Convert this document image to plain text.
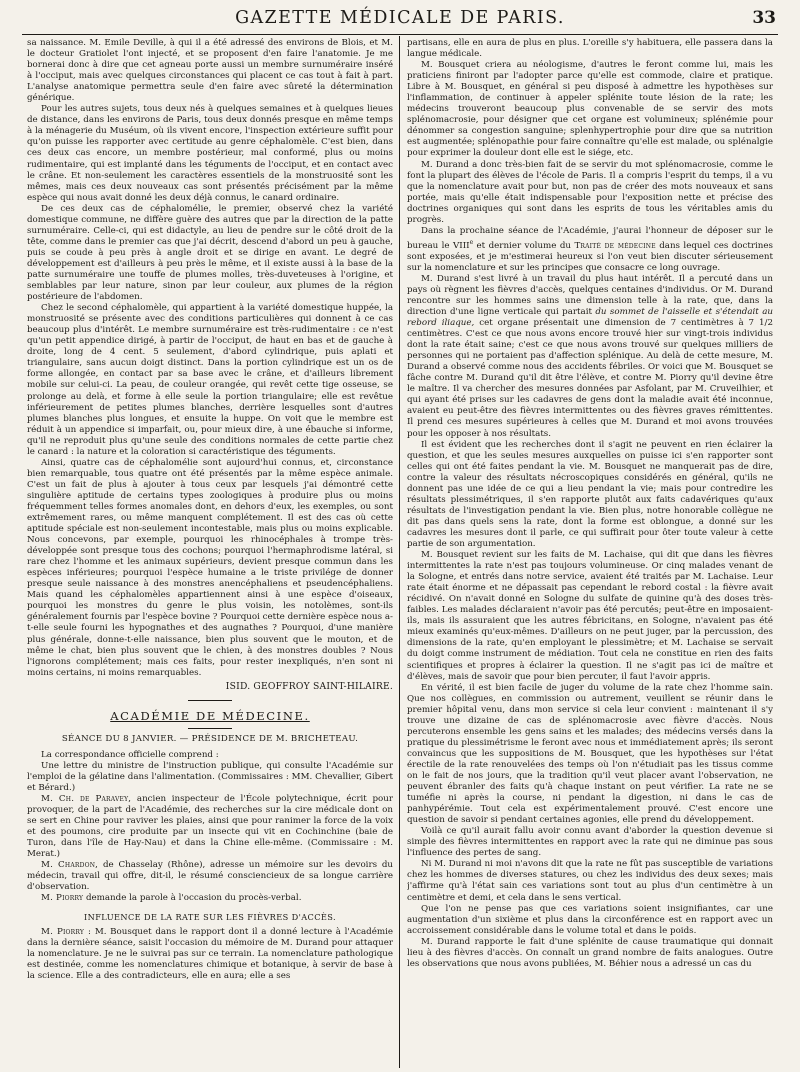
GAZETTE MÉDICALE DE PARIS.	33

sa naissance. M. Emile Deville, à qui il a été adressé des environs de Blois, et M. le docteur Gratiolet l'ont injecté, et se proposent d'en faire l'anatomie. Je me bornerai donc à dire que cet agneau porte aussi un membre surnuméraire inséré à l'occiput, mais avec quelques circonstances qui placent ce cas tout à fait à part. L'analyse anatomique permettra seule d'en faire avec sûreté la détermination générique.

Pour les autres sujets, tous deux nés à quelques semaines et à quelques lieues de distance, dans les environs de Paris, tous deux donnés presque en même temps à la ménagerie du Muséum, où ils vivent encore, l'inspection extérieure suffit pour qu'on puisse les rapporter avec certitude au genre céphalomèle. C'est bien, dans ces deux cas encore, un membre postérieur, mal conformé, plus ou moins rudimentaire, qui est implanté dans les téguments de l'occiput, et en contact avec le crâne. Et non-seulement les caractères essentiels de la monstruosité sont les mêmes, mais ces deux nouveaux cas sont présentés précisément par la même espèce qui nous avait donné les deux déjà connus, le canard ordinaire.

De ces deux cas de céphalomélie, le premier, observé chez la variété domestique commune, ne diffère guère des autres que par la direction de la patte surnuméraire. Celle-ci, qui est didactyle, au lieu de pendre sur le côté droit de la tête, comme dans le premier cas que j'ai décrit, descend d'abord un peu à gauche, puis se coude à peu près à angle droit et se dirige en avant. Le degré de développement est d'ailleurs à peu près le même, et il existe aussi à la base de la patte surnuméraire une touffe de plumes molles, très-duveteuses à l'origine, et semblables par leur nature, sinon par leur couleur, aux plumes de la région postérieure de l'abdomen.

Chez le second céphalomèle, qui appartient à la variété domestique huppée, la monstruosité se présente avec des conditions particulières qui donnent à ce cas beaucoup plus d'intérêt. Le membre surnuméraire est très-rudimentaire : ce n'est qu'un petit appendice dirigé, à partir de l'occiput, de haut en bas et de gauche à droite, long de 4 cent. 5 seulement, d'abord cylindrique, puis aplati et triangulaire, sans aucun doigt distinct. Dans la portion cylindrique est un os de forme allongée, en contact par sa base avec le crâne, et d'ailleurs librement mobile sur celui-ci. La peau, de couleur orangée, qui revêt cette tige osseuse, se prolonge au delà, et forme à elle seule la portion triangulaire; elle est revêtue inférieurement de petites plumes blanches, derrière lesquelles sont d'autres plumes blanches plus longues, et ensuite la huppe. On voit que le membre est réduit à un appendice si imparfait, ou, pour mieux dire, à une ébauche si informe, qu'il ne reproduit plus qu'une seule des conditions normales de cette partie chez le canard : la nature et la coloration si caractéristique des téguments.

Ainsi, quatre cas de céphalomélie sont aujourd'hui connus, et, circonstance bien remarquable, tous quatre ont été présentés par la même espèce animale. C'est un fait de plus à ajouter à tous ceux par lesquels j'ai démontré cette singulière aptitude de certains types zoologiques à produire plus ou moins fréquemment telles formes anomales dont, en dehors d'eux, les exemples, ou sont extrêmement rares, ou même manquent complétement. Il est des cas où cette aptitude spéciale est non-seulement incontestable, mais plus ou moins explicable. Nous concevons, par exemple, pourquoi les rhinocéphales à trompe très-développée sont presque tous des cochons; pourquoi l'hermaphrodisme latéral, si rare chez l'homme et les animaux supérieurs, devient presque commun dans les espèces inférieures; pourquoi l'espèce humaine a le triste privilége de donner presque seule naissance à des monstres anencéphaliens et pseudencéphaliens. Mais quand les céphalomèles appartiennent ainsi à une espèce d'oiseaux, pourquoi les monstres du genre le plus voisin, les notolèmes, sont-ils généralement fournis par l'espèce bovine ? Pourquoi cette dernière espèce nous a-t-elle seule fourni les hypognathes et des augnathes ? Pourquoi, d'une manière plus générale, donne-t-elle naissance, bien plus souvent que le mouton, et de même le chat, bien plus souvent que le chien, à des monstres doubles ? Nous l'ignorons complétement; mais ces faits, pour rester inexpliqués, n'en sont ni moins certains, ni moins remarquables.

ISID. GEOFFROY SAINT-HILAIRE.

ACADÉMIE DE MÉDECINE.

SÉANCE DU 8 JANVIER. — PRÉSIDENCE DE M. BRICHETEAU.

La correspondance officielle comprend :

Une lettre du ministre de l'instruction publique, qui consulte l'Académie sur l'emploi de la gélatine dans l'alimentation. (Commissaires : MM. Chevallier, Gibert et Bérard.)

M. Ch. de Paravey, ancien inspecteur de l'École polytechnique, écrit pour provoquer, de la part de l'Académie, des recherches sur la cire médicale dont on se sert en Chine pour raviver les plaies, ainsi que pour ranimer la force de la voix et des poumons, cire produite par un insecte qui vit en Cochinchine (baie de Turon, dans l'île de Hay-Nau) et dans la Chine elle-même. (Commissaire : M. Merat.)

M. Chardon, de Chasselay (Rhône), adresse un mémoire sur les devoirs du médecin, travail qui offre, dit-il, le résumé consciencieux de sa longue carrière d'observation.

M. Piorry demande la parole à l'occasion du procès-verbal.

INFLUENCE DE LA RATE SUR LES FIÈVRES D'ACCÈS.

M. Piorry : M. Bousquet dans le rapport dont il a donné lecture à l'Académie dans la dernière séance, saisit l'occasion du mémoire de M. Durand pour attaquer la nomenclature. Je ne le suivrai pas sur ce terrain. La nomenclature pathologique est destinée, comme les nomenclatures chimique et botanique, à servir de base à la science. Elle a des contradicteurs, elle en aura; elle a ses

partisans, elle en aura de plus en plus. L'oreille s'y habituera, elle passera dans la langue médicale.

M. Bousquet criera au néologisme, d'autres le feront comme lui, mais les praticiens finiront par l'adopter parce qu'elle est commode, claire et pratique. Libre à M. Bousquet, en général si peu disposé à admettre les hypothèses sur l'inflammation, de continuer à appeler splénite toute lésion de la rate; les médecins trouveront beaucoup plus convenable de se servir des mots splénomacrosie, pour désigner que cet organe est volumineux; splénémie pour dénommer sa congestion sanguine; splenhypertrophie pour dire que sa nutrition est augmentée; splénopathie pour faire connaître qu'elle est malade, ou splénalgie pour exprimer la douleur dont elle est le siége, etc.

M. Durand a donc très-bien fait de se servir du mot splénomacrosie, comme le font la plupart des élèves de l'école de Paris. Il a compris l'esprit du temps, il a vu que la nomenclature avait pour but, non pas de créer des mots nouveaux et sans portée, mais qu'elle était indispensable pour l'exposition nette et précise des doctrines organiques qui sont dans les esprits de tous les véritables amis du progrès.

Dans la prochaine séance de l'Académie, j'aurai l'honneur de déposer sur le bureau le VIIIe et dernier volume du Traité de médecine dans lequel ces doctrines sont exposées, et je m'estimerai heureux si l'on veut bien discuter sérieusement sur la nomenclature et sur les principes que consacre ce long ouvrage.

M. Durand s'est livré à un travail du plus haut intérêt. Il a percuté dans un pays où règnent les fièvres d'accès, quelques centaines d'individus. Or M. Durand rencontre sur les hommes sains une dimension telle à la rate, que, dans la direction d'une ligne verticale qui partait du sommet de l'aisselle et s'étendait au rebord iliaque, cet organe présentait une dimension de 7 centimètres à 7 1/2 centimètres. C'est ce que nous avons encore trouvé hier sur vingt-trois individus dont la rate était saine; c'est ce que nous avons trouvé sur quelques milliers de personnes qui ne portaient pas d'affection splénique. Au delà de cette mesure, M. Durand a observé comme nous des accidents fébriles. Or voici que M. Bousquet se fâche contre M. Durand qu'il dit être l'élève, et contre M. Piorry qu'il devine être le maître. Il va chercher des mesures données par Asfolant, par M. Cruveilhier, et qui ayant été prises sur les cadavres de gens dont la maladie avait été inconnue, avaient eu peut-être des fièvres intermittentes ou des fièvres graves rémittentes. Il prend ces mesures supérieures à celles que M. Durand et moi avons trouvées pour les opposer à nos résultats.

Il est évident que les recherches dont il s'agit ne peuvent en rien éclairer la question, et que les seules mesures auxquelles on puisse ici s'en rapporter sont celles qui ont été faites pendant la vie. M. Bousquet ne manquerait pas de dire, contre la valeur des résultats nécroscopiques considérés en général, qu'ils ne donnent pas une idée de ce qui a lieu pendant la vie; mais pour contredire les résultats plessimétriques, il s'en rapporte plutôt aux faits cadavériques qu'aux résultats de l'investigation pendant la vie. Bien plus, notre honorable collègue ne dit pas dans quels sens la rate, dont la forme est oblongue, a donné sur les cadavres les mesures dont il parle, ce qui suffirait pour ôter toute valeur à cette partie de son argumentation.

M. Bousquet revient sur les faits de M. Lachaise, qui dit que dans les fièvres intermittentes la rate n'est pas toujours volumineuse. Or cinq malades venant de la Sologne, et entrés dans notre service, avaient été traités par M. Lachaise. Leur rate était énorme et ne dépassait pas cependant le rebord costal : la fièvre avait récidivé. On n'avait donné en Sologne du sulfate de quinine qu'à des doses très-faibles. Les malades déclaraient n'avoir pas été percutés; peut-être en imposaient-ils, mais ils assuraient que les autres fébricitans, en Sologne, n'avaient pas été mieux examinés qu'eux-mêmes. D'ailleurs on ne peut juger, par la percussion, des dimensions de la rate, qu'en employant le plessimètre; et M. Lachaise se servait du doigt comme instrument de médiation. Tout cela ne constitue en rien des faits scientifiques et propres à éclairer la question. Il ne s'agit pas ici de maître et d'élèves, mais de savoir que pour bien percuter, il faut l'avoir appris.

En vérité, il est bien facile de juger du volume de la rate chez l'homme sain. Que nos collègues, en commission ou autrement, veuillent se réunir dans le premier hôpital venu, dans mon service si cela leur convient : maintenant il s'y trouve une dizaine de cas de splénomacrosie avec fièvre d'accès. Nous percuterons ensemble les gens sains et les malades; des médecins versés dans la pratique du plessimétrisme le feront avec nous et immédiatement après; ils seront convaincus que les suppositions de M. Bousquet, que les hypothèses sur l'état érectile de la rate renouvelées des temps où l'on n'étudiait pas les tissus comme on le fait de nos jours, que la tradition qu'il veut placer avant l'observation, ne peuvent ébranler des faits qu'à chaque instant on peut vérifier. La rate ne se tuméfie ni après la course, ni pendant la digestion, ni dans le cas de panhypérémie. Tout cela est expérimentalement prouvé. C'est encore une question de savoir si pendant certaines agonies, elle prend du développement.

Voilà ce qu'il aurait fallu avoir connu avant d'aborder la question devenue si simple des fièvres intermittentes en rapport avec la rate qui ne diminue pas sous l'influence des pertes de sang.

Ni M. Durand ni moi n'avons dit que la rate ne fût pas susceptible de variations chez les hommes de diverses statures, ou chez les individus des deux sexes; mais j'affirme qu'à l'état sain ces variations sont tout au plus d'un centimètre à un centimètre et demi, et cela dans le sens vertical.

Que l'on ne pense pas que ces variations soient insignifiantes, car une augmentation d'un sixième et plus dans la circonférence est en rapport avec un accroissement considérable dans le volume total et dans le poids.

M. Durand rapporte le fait d'une splénite de cause traumatique qui donnait lieu à des fièvres d'accès. On connaît un grand nombre de faits analogues. Outre les observations que nous avons publiées, M. Béhier nous a adressé un cas du
